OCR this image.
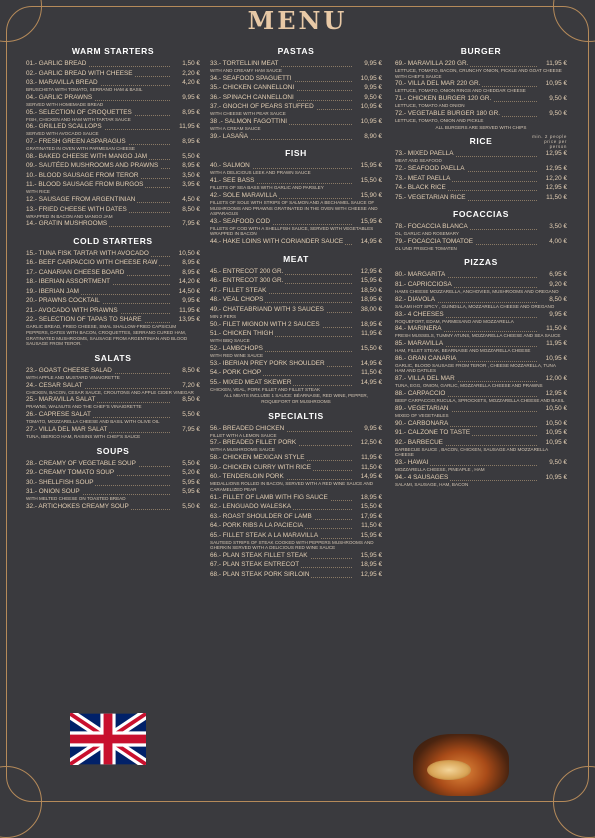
MENU
WARM STARTERS
01.- GARLIC BREAD	1,50 €
02.- GARLIC BREAD WITH CHEESE	2,20 €
03.- MARAVILLA BREAD	4,20 €
BRUSCHETA WITH TOMATO, SERRANO HAM & BASIL
04.- GARLIC PRAWNS	9,95 €
SERVED WITH HOMEMADE BREAD
05.- SELECTION OF CROQUETTES	8,95 €
FISH, CHICKEN AND HAM WITH TARTAR SAUCE
06.- GRILLED SCALLOPS	11,95 €
SERVED WITH AVOCADO SAUCE
07.- FRESH GREEN ASPARAGUS	8,95 €
GRATINATED IN OVEN WITH PARMESAN CHEESE
08.- BAKED CHEESE WITH MANGO JAM	5,50 €
09.- SAUTÉED MUSHROOMS AND PRAWNS	8,95 €
10.- BLOOD SAUSAGE FROM TEROR	3,50 €
11.- BLOOD SAUSAGE FROM BURGOS	3,95 €
WITH RICE
12.- SAUSAGE FROM ARGENTINIAN	4,50 €
13.- FRIED CHEESE WITH DATES	8,50 €
WRAPPED IN BACON AND MANGO JAM
14.- GRATIN MUSHROOMS	7,95 €
COLD STARTERS
15.- TUNA FISK TARTAR WITH AVOCADO	10,50 €
16.- BEEF CARPACCIO WITH CHEESE RAW	8,95 €
17.- CANARIAN CHEESE BOARD	8,95 €
18.- IBERIAN ASSORTMENT	14,20 €
19.- IBERIAN JAM	14,50 €
20.- PRAWNS COCKTAIL	9,95 €
21.- AVOCADO WITH PRAWNS	11,95 €
22.- SELECTION OF TAPAS TO SHARE	13,95 €
GARLIC BREAD, FRIED CHEESE, SMAL SHALLOW-FRIED CAPSICUM PEPPERS, DATES WITH BACON, CROQUETTES, SERRANO CURED HAM, GRATINATED MUSHROOMS, SAUSAGE FROM ARGENTINIAN AND BLOOD SAUSAGE FROM TEROR.
SALATS
23.- GOAST CHEESE SALAD	8,50 €
WITH APPLE AND MUSTARD VINAIGRETTE
24.- CESAR SALAT	7,20 €
CHICKEN, BACON, CESAR SAUCE, CROUTONS AND APPLE CIDER VINEGAR
25.- MARAVILLA SALAT	8,50 €
PRAWNS, WALNUTS AND THE CHEF'S VINAIGRETTE
26.- CAPRESE SALAT	5,50 €
TOMATO, MOZZARELLA CHEESE AND BASIL WITH OLIVE OIL
27.- VILLA DEL MAR SALAT	7,95 €
TUNA, IBERICO HAM, RAISINS WITH CHEF'S SAUCE
SOUPS
28.- CREAMY OF VEGETABLE SOUP	5,50 €
29.- CREAMY TOMATO SOUP	5,20 €
30.- SHELLFISH SOUP	5,95 €
31.- ONION SOUP	5,95 €
WITH MELTED CHEESE ON TOASTED BREAD
32.- ARTICHOKES CREAMY SOUP	5,50 €
PASTAS
33.- TORTELLINI MEAT	9,95 €
WITH AND CREAMY HAM SAUCE
34.- SEAFOOD SPAGUETTI	10,95 €
35.- CHICKEN CANNELLONI	9,95 €
36.- SPINACH CANNELLONI	9,50 €
37.- GNOCHI OF PEARS STUFFED	10,95 €
WITH CHEESE WITH PEAR SAUCE
38 .- SALMON FAGOTTINI	10,95 €
WITH A CREAM SAUCE
39.- LASAÑA	8,90 €
FISH
40.- SALMON	15,95 €
WITH A DELICIOUS LEEK AND PRAWN SAUCE
41.- SEE BASS	15,50 €
FILLETS OF SEA BASS WITH GARLIC AND PARSLEY
42.- SOLE MARAVILLA	15,90 €
FILLETS OF SOLE WITH STRIPS OF SALMON AND A BECHAMEL SAUCE OF MUSHROOMS AND PRAWNS GRATINATED IN THE OVEN WITH CHEESE AND ASPARAGUS
43.- SEAFOOD COD	15,95 €
FILLETS OF COD WITH A SHELLFISH SAUCE, SERVED WITH VEGETABLES WRAPPED IN BACON
44.- HAKE LOINS WITH CORIANDER SAUCE	14,95 €
MEAT
45.- ENTRECOT 200 GR.	12,95 €
46.- ENTRECOT 300 GR.	15,95 €
47.- FILLET STEAK	18,50 €
48.- VEAL CHOPS	18,95 €
49.- CHATEABRIAND WITH 3 SAUCES	38,00 €
MIN 2 PERS
50.- FILET MIGNON WITH 2 SAUCES	18,95 €
51.- CHICKEN THIGH	11,95 €
WITH BBQ SAUCE
52.- LAMBCHOPS	15,50 €
WITH RED WINE SAUCE
53.- IBERIAN PREY PORK SHOULDER	14,95 €
54.- PORK CHOP	11,50 €
55.- MIXED MEAT SKEWER	14,95 €
CHICKEN, VEAL, PORK FILLET AND FILLET STEAK
ALL MEATS INCLUDE 1 SAUCE: BÉARNAISE, RED WINE, PEPPER, ROQUEFORT OR MUSHROOMS
SPECIALTIS
56.- BREADED CHICKEN	9,95 €
FILLET WITH A LEMON SAUCE
57.- BREADED FILLET PORK	12,50 €
WITH A MUSHROOMS SAUCE
58.- CHICKEN MEXICAN STYLE	11,95 €
59.- CHICKEN CURRY WITH RICE	11,50 €
60.- TENDERLOIN PORK	14,95 €
MEDALLIONS ROLLED IN BACON, SERVED WITH A RED WINE SAUCE AND CARAMELIZED PEAR
61.- FILLET OF LAMB WITH FIG SAUCE	18,95 €
62.- LENGUADO WALESKA	15,50 €
63.- ROAST SHOULDER OF LAMB	17,95 €
64.- PORK RIBS A LA PACIECIA	11,50 €
65.- FILLET STEAK A LA MARAVILLA	15,95 €
SAUTEED STRIPS OF STEAK COOKED WITH PEPPERS MUSHROOMS AND GHERKIN SERVED WITH A DELICIOUS RED WINE SAUCE
66.- PLAN STEAK FILLET STEAK	15,95 €
67.- PLAN STEAK ENTRECOT	18,95 €
68.- PLAN STEAK PORK SIRLOIN	12,95 €
BURGER
69.- MARAVILLA 220 GR.	11,95 €
LETTUCE, TOMATO, BACON, CRUNCHY ONION, PICKLE AND GOAT CHEESE WITH CHEF'S SAUCE
70.- VILLA DEL MAR 220 GR.	10,95 €
LETTUCE, TOMATO, ONION RINGS AND CHEDDAR CHEESE
71.- CHICKEN BURGER 120 GR.	9,50 €
LETTUCE, TOMATO AND ONION
72.- VEGETABLE BURGER 180 GR.	9,50 €
LETTUCE, TOMATO, ONION AND PICKLE
ALL BURGERS ARE SERVED WITH CHIPS
RICE	min. 2 people price per person
73.- MIXED PAELLA	12,95 €
MEAT AND SEAFOOD
72.- SEAFOOD PAELLA	12,95 €
73.- MEAT PAELLA	12,20 €
74.- BLACK RICE	12,95 €
75.- VEGETARIAN RICE	11,50 €
FOCACCIAS
78.- FOCACCIA BLANCA	3,50 €
OL, GARLIC AND ROSEMARY
79.- FOCACCIA TOMATOE	4,00 €
OL UND FRISCHE TOMATEN
PIZZAS
80.- MARGARITA	6,95 €
81.- CAPRICCIOSA	9,20 €
HAMS CHEESE MOZZARELLA, ANCHOVIES, MUSHROOMS AND OREGANO
82.- DIAVOLA	8,50 €
SALAMI HOT SPICY , GUINDILLA, MOZZARELLA CHEESE AND OREGANO
83.- 4 CHEESES	9,95 €
ROQUEFORT, EDAM, PARMESANO AND MOZZARELLA
84.- MARINERA	11,50 €
FRESH MUSSELS, TUMMY ATUNS, MOZZARELLA CHEESE AND SEA SAUCE
85.- MARAVILLA	11,95 €
HAM, FILLET STEAK, BEARNAISE AND MOZZARELLA CHEESE
86.- GRAN CANARIA	10,95 €
GARLIC, BLOOD SAUSAGE FROM TEROR , CHEESE MOZZARELLA, TUNA HAM AND DATILES
87.- VILLA DEL MAR	12,00 €
TUNA, EGG, ONION, GARLIC, MOZZARELLA CHEESE AND PRAWNS
88.- CARPACCIO	12,95 €
BEEF CARPACCIO,RUCULA, SPROCKETS, MOZZARELLA CHEESE AND BASIL
89.- VEGETARIAN	10,50 €
MIXED OF VEGETABLES
90.- CARBONARA	10,50 €
91.- CALZONE TO TASTE	10,95 €
92.- BARBECUE	10,95 €
BARBECUE SAUCE , BACON, CHICKEN, SAUSAGE AND MOZZARELLA CHEESE
93.- HAWAI	9,50 €
MOZZARELLA CHEESE, PINEAPLE , HAM
94.- 4 SAUSAGES	10,95 €
SALAMI, SAUSAGE, HAM, BACON
